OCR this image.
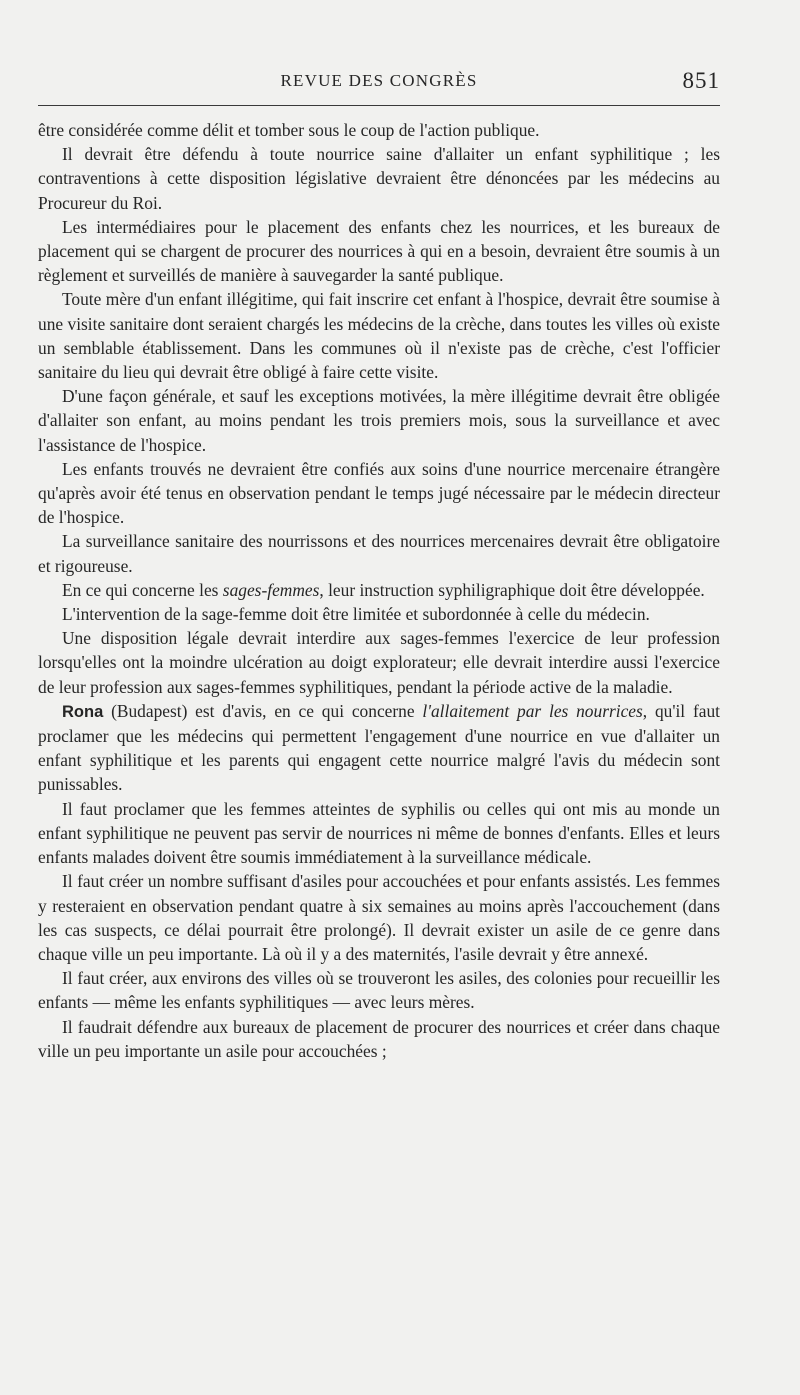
REVUE DES CONGRÈS	851

être considérée comme délit et tomber sous le coup de l'action publique.

Il devrait être défendu à toute nourrice saine d'allaiter un enfant syphilitique ; les contraventions à cette disposition législative devraient être dénoncées par les médecins au Procureur du Roi.

Les intermédiaires pour le placement des enfants chez les nourrices, et les bureaux de placement qui se chargent de procurer des nourrices à qui en a besoin, devraient être soumis à un règlement et surveillés de manière à sauvegarder la santé publique.

Toute mère d'un enfant illégitime, qui fait inscrire cet enfant à l'hospice, devrait être soumise à une visite sanitaire dont seraient chargés les médecins de la crèche, dans toutes les villes où existe un semblable établissement. Dans les communes où il n'existe pas de crèche, c'est l'officier sanitaire du lieu qui devrait être obligé à faire cette visite.

D'une façon générale, et sauf les exceptions motivées, la mère illégitime devrait être obligée d'allaiter son enfant, au moins pendant les trois premiers mois, sous la surveillance et avec l'assistance de l'hospice.

Les enfants trouvés ne devraient être confiés aux soins d'une nourrice mercenaire étrangère qu'après avoir été tenus en observation pendant le temps jugé nécessaire par le médecin directeur de l'hospice.

La surveillance sanitaire des nourrissons et des nourrices mercenaires devrait être obligatoire et rigoureuse.

En ce qui concerne les sages-femmes, leur instruction syphiligraphique doit être développée.

L'intervention de la sage-femme doit être limitée et subordonnée à celle du médecin.

Une disposition légale devrait interdire aux sages-femmes l'exercice de leur profession lorsqu'elles ont la moindre ulcération au doigt explorateur; elle devrait interdire aussi l'exercice de leur profession aux sages-femmes syphilitiques, pendant la période active de la maladie.

Rona (Budapest) est d'avis, en ce qui concerne l'allaitement par les nourrices, qu'il faut proclamer que les médecins qui permettent l'engagement d'une nourrice en vue d'allaiter un enfant syphilitique et les parents qui engagent cette nourrice malgré l'avis du médecin sont punissables.

Il faut proclamer que les femmes atteintes de syphilis ou celles qui ont mis au monde un enfant syphilitique ne peuvent pas servir de nourrices ni même de bonnes d'enfants. Elles et leurs enfants malades doivent être soumis immédiatement à la surveillance médicale.

Il faut créer un nombre suffisant d'asiles pour accouchées et pour enfants assistés. Les femmes y resteraient en observation pendant quatre à six semaines au moins après l'accouchement (dans les cas suspects, ce délai pourrait être prolongé). Il devrait exister un asile de ce genre dans chaque ville un peu importante. Là où il y a des maternités, l'asile devrait y être annexé.

Il faut créer, aux environs des villes où se trouveront les asiles, des colonies pour recueillir les enfants — même les enfants syphilitiques — avec leurs mères.

Il faudrait défendre aux bureaux de placement de procurer des nourrices et créer dans chaque ville un peu importante un asile pour accouchées ;
